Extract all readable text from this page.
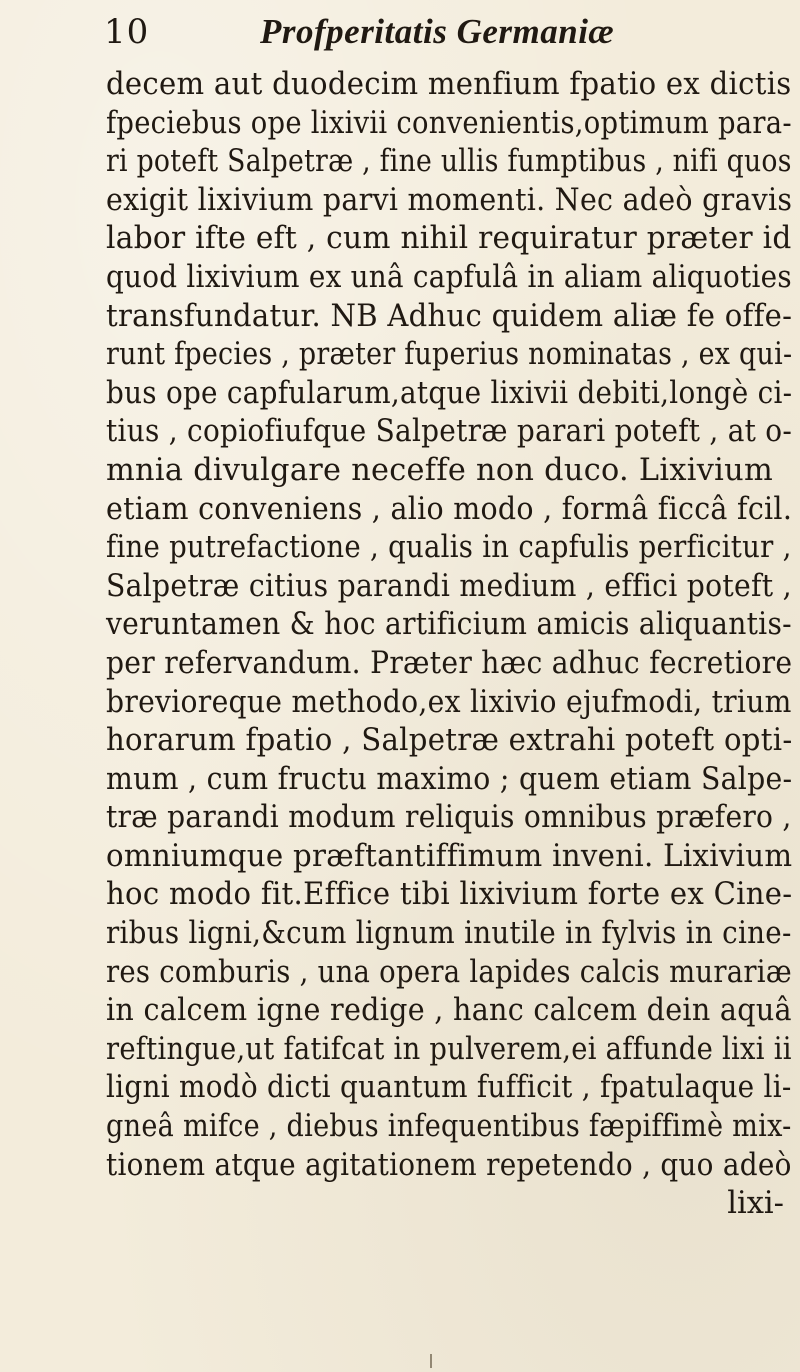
10	Profperitatis Germaniæ
decem aut duodecim menfium fpatio ex dictis
fpeciebus ope lixivii convenientis,optimum para-
ri poteft Salpetræ , fine ullis fumptibus , nifi quos
exigit lixivium parvi momenti. Nec adeò gravis
labor ifte eft , cum nihil requiratur præter id
quod lixivium ex unâ capfulâ in aliam aliquoties
transfundatur. NB Adhuc quidem aliæ fe offe-
runt fpecies , præter fuperius nominatas , ex qui-
bus ope capfularum,atque lixivii debiti,longè ci-
tius , copiofiufque Salpetræ parari poteft , at o-
mnia divulgare neceffe non duco. Lixivium
etiam conveniens , alio modo , formâ ficcâ fcil.
fine putrefactione , qualis in capfulis perficitur ,
Salpetræ citius parandi medium , effici poteft ,
veruntamen & hoc artificium amicis aliquantis-
per refervandum. Præter hæc adhuc fecretiore
brevioreque methodo,ex lixivio ejufmodi, trium
horarum fpatio , Salpetræ extrahi poteft opti-
mum , cum fructu maximo ; quem etiam Salpe-
træ parandi modum reliquis omnibus præfero ,
omniumque præftantiffimum inveni. Lixivium
hoc modo fit.Effice tibi lixivium forte ex Cine-
ribus ligni,&cum lignum inutile in fylvis in cine-
res comburis , una opera lapides calcis murariæ
in calcem igne redige , hanc calcem dein aquâ
reftingue,ut fatifcat in pulverem,ei affunde lixi ii
ligni modò dicti quantum fufficit , fpatulaque li-
gneâ mifce , diebus infequentibus fæpiffimè mix-
tionem atque agitationem repetendo , quo adeò
lixi-
